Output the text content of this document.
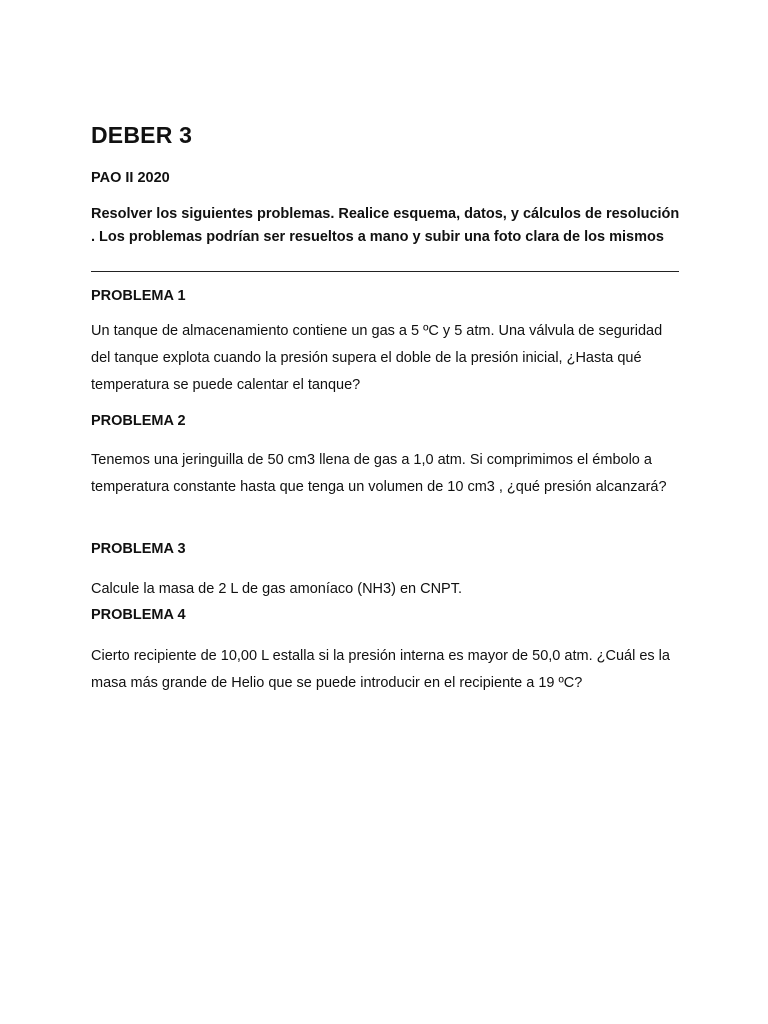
DEBER 3

PAO II 2020

Resolver los siguientes problemas. Realice esquema, datos, y cálculos de resolución . Los problemas podrían ser resueltos a mano y subir una foto clara de los mismos

PROBLEMA 1

Un tanque de almacenamiento contiene un gas a 5 ºC y 5 atm. Una válvula de seguridad del tanque explota cuando la presión supera el doble de la presión inicial, ¿Hasta qué temperatura se puede calentar el tanque?

PROBLEMA 2

Tenemos una jeringuilla de 50 cm3 llena de gas a 1,0 atm. Si comprimimos el émbolo a temperatura constante hasta que tenga un volumen de 10 cm3 , ¿qué presión alcanzará?

PROBLEMA 3

Calcule la masa de 2 L de gas amoníaco (NH3) en CNPT.

PROBLEMA 4

Cierto recipiente de 10,00 L estalla si la presión interna es mayor de 50,0 atm. ¿Cuál es la masa más grande de Helio que se puede introducir en el recipiente a 19 ºC?
